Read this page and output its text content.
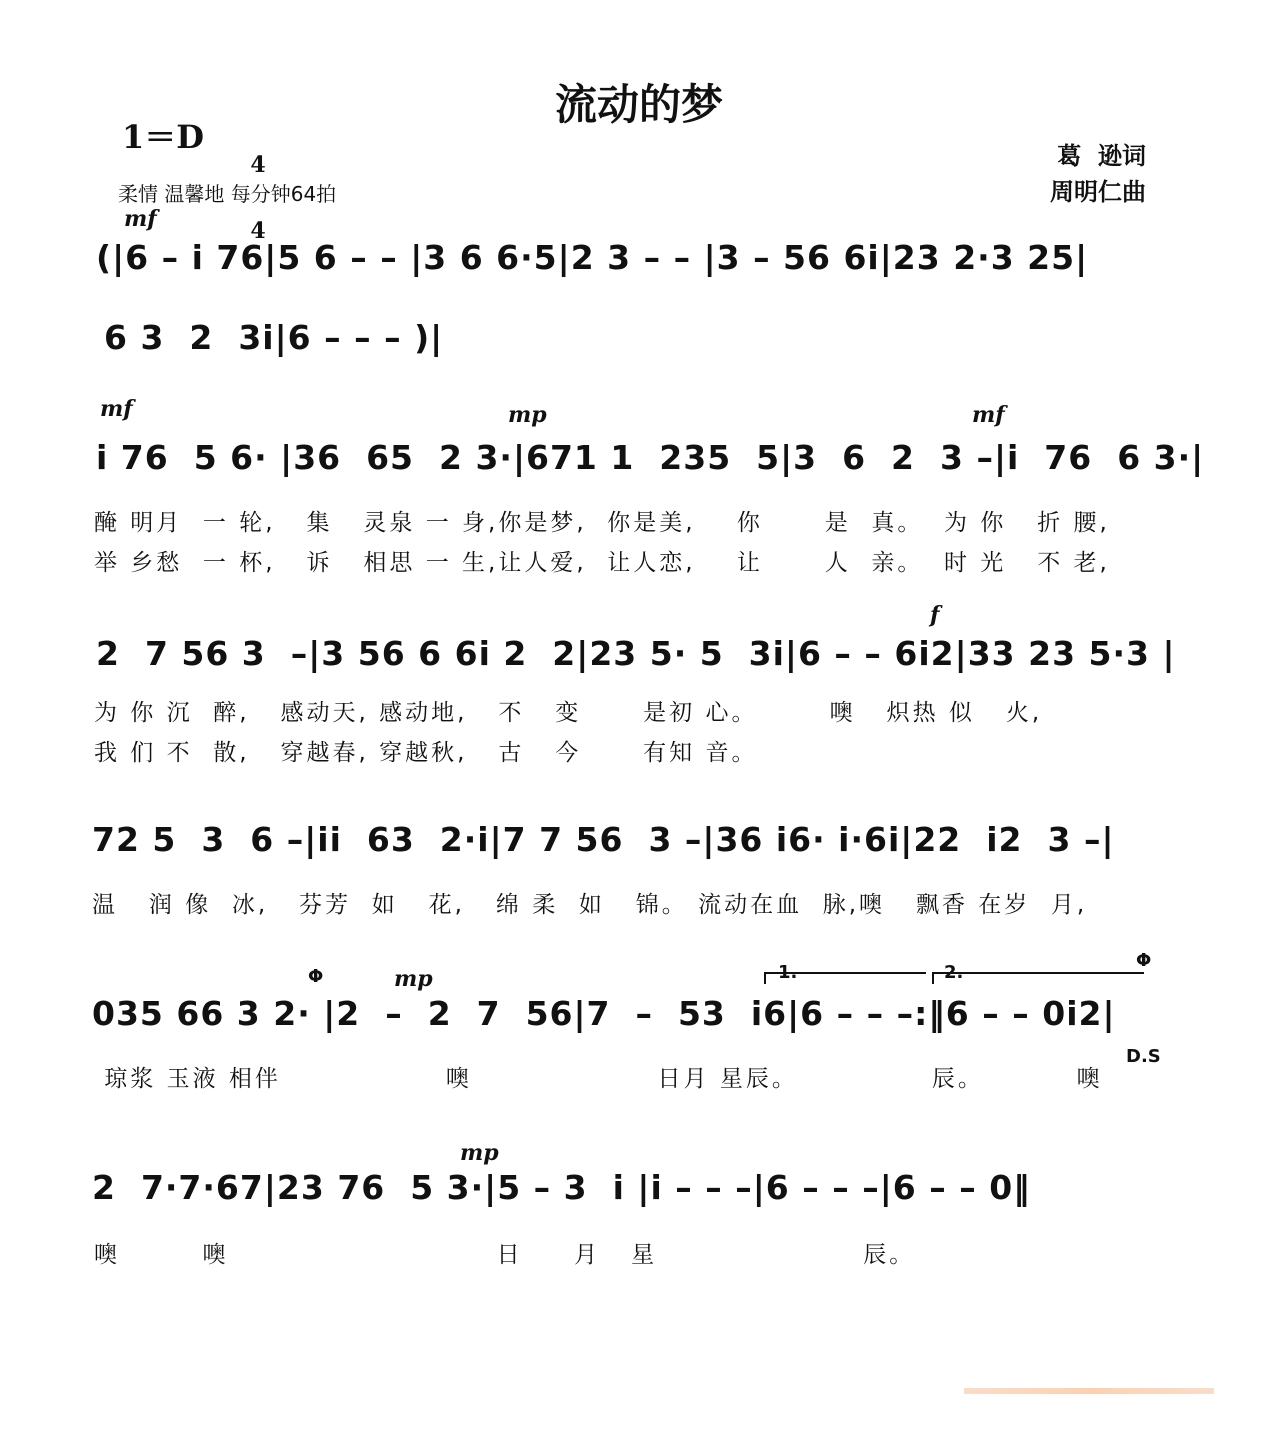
流动的梦
1＝D

4

4

柔情 温馨地 每分钟64拍
葛  逊词
周明仁曲
mf
(|6 – i 76|5 6 – – |3 6 6·5|2 3 – – |3 – 56 6i|23 2·3 25|
6 3  2  3i|6 – – – )|
mf	mp	mf
i 76  5 6· |36  65  2 3·|671 1  235  5|3  6  2  3 –|i  76  6 3·|
醃 明月  一 轮,   集   灵泉 一 身,你是梦,  你是美,    你      是  真。  为 你   折 腰,
举 乡愁  一 杯,   诉   相思 一 生,让人爱,  让人恋,    让      人  亲。  时 光   不 老,
f
2  7 56 3  –|3 56 6 6i 2  2|23 5· 5  3i|6 – – 6i2|33 23 5·3 |
为 你 沉  醉,   感动天, 感动地,   不   变      是初 心。       噢   炽热 似   火,
我 们 不  散,   穿越春, 穿越秋,   古   今      有知 音。
72 5  3  6 –|ii  63  2·i|7 7 56  3 –|36 i6· i·6i|22  i2  3 –|
温   润 像  冰,   芬芳  如   花,   绵 柔  如   锦。 流动在血  脉,噢   飘香 在岁  月,
Φ	mp	1.	2.
Φ
035 66 3 2· |2  –  2  7  56|7  –  53  i6|6 – – –:‖6 – – 0i2|
D.S
琼浆 玉液 相伴                噢                  日月 星辰。             辰。         噢
mp
2  7·7·67|23 76  5 3·|5 – 3  i |i – – –|6 – – –|6 – – 0‖
噢        噢                          日     月   星                    辰。
